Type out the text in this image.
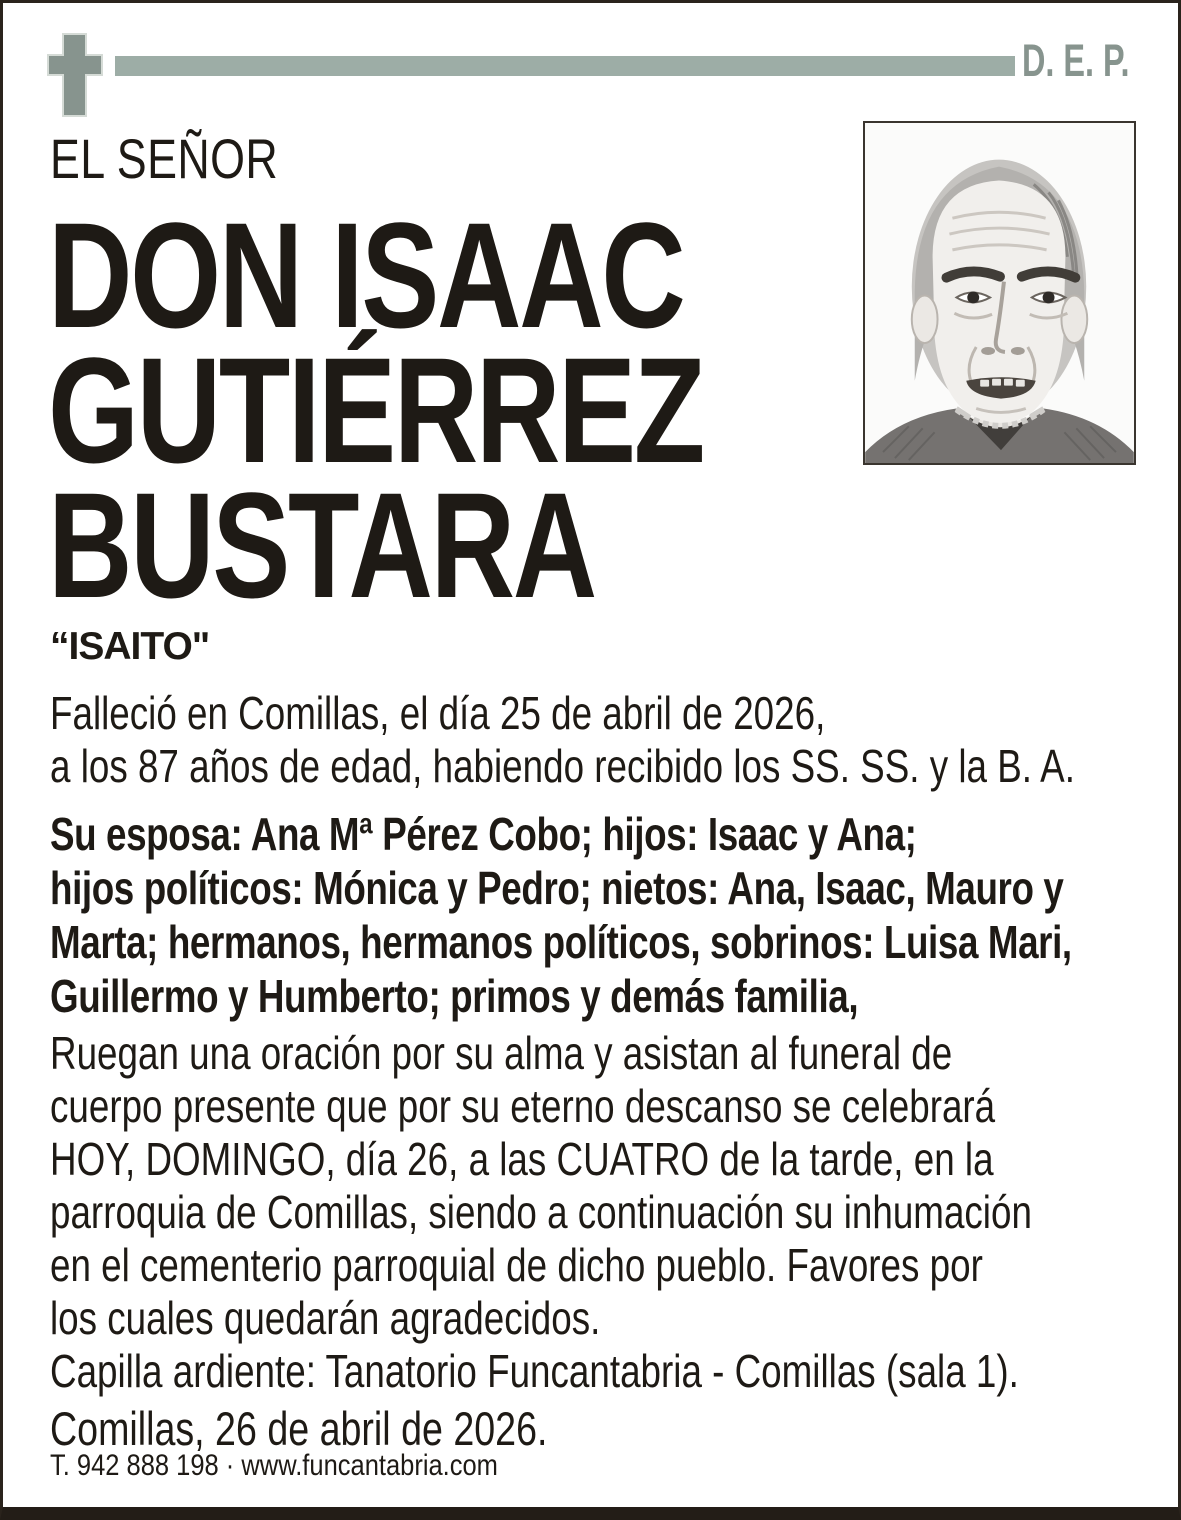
D. E. P.
EL SEÑOR
DON ISAAC
GUTIÉRREZ
BUSTARA
“ISAITO"
Falleció en Comillas, el día 25 de abril de 2026,
a los 87 años de edad, habiendo recibido los SS. SS. y la B. A.
Su esposa: Ana Mª Pérez Cobo; hijos: Isaac y Ana;
hijos políticos: Mónica y Pedro; nietos: Ana, Isaac, Mauro y
Marta; hermanos, hermanos políticos, sobrinos: Luisa Mari,
Guillermo y Humberto; primos y demás familia,
Ruegan una oración por su alma y asistan al funeral de
cuerpo presente que por su eterno descanso se celebrará
HOY, DOMINGO, día 26, a las CUATRO de la tarde, en la
parroquia de Comillas, siendo a continuación su inhumación
en el cementerio parroquial de dicho pueblo. Favores por
los cuales quedarán agradecidos.
Capilla ardiente: Tanatorio Funcantabria - Comillas (sala 1).
Comillas, 26 de abril de 2026.
T. 942 888 198 · www.funcantabria.com
